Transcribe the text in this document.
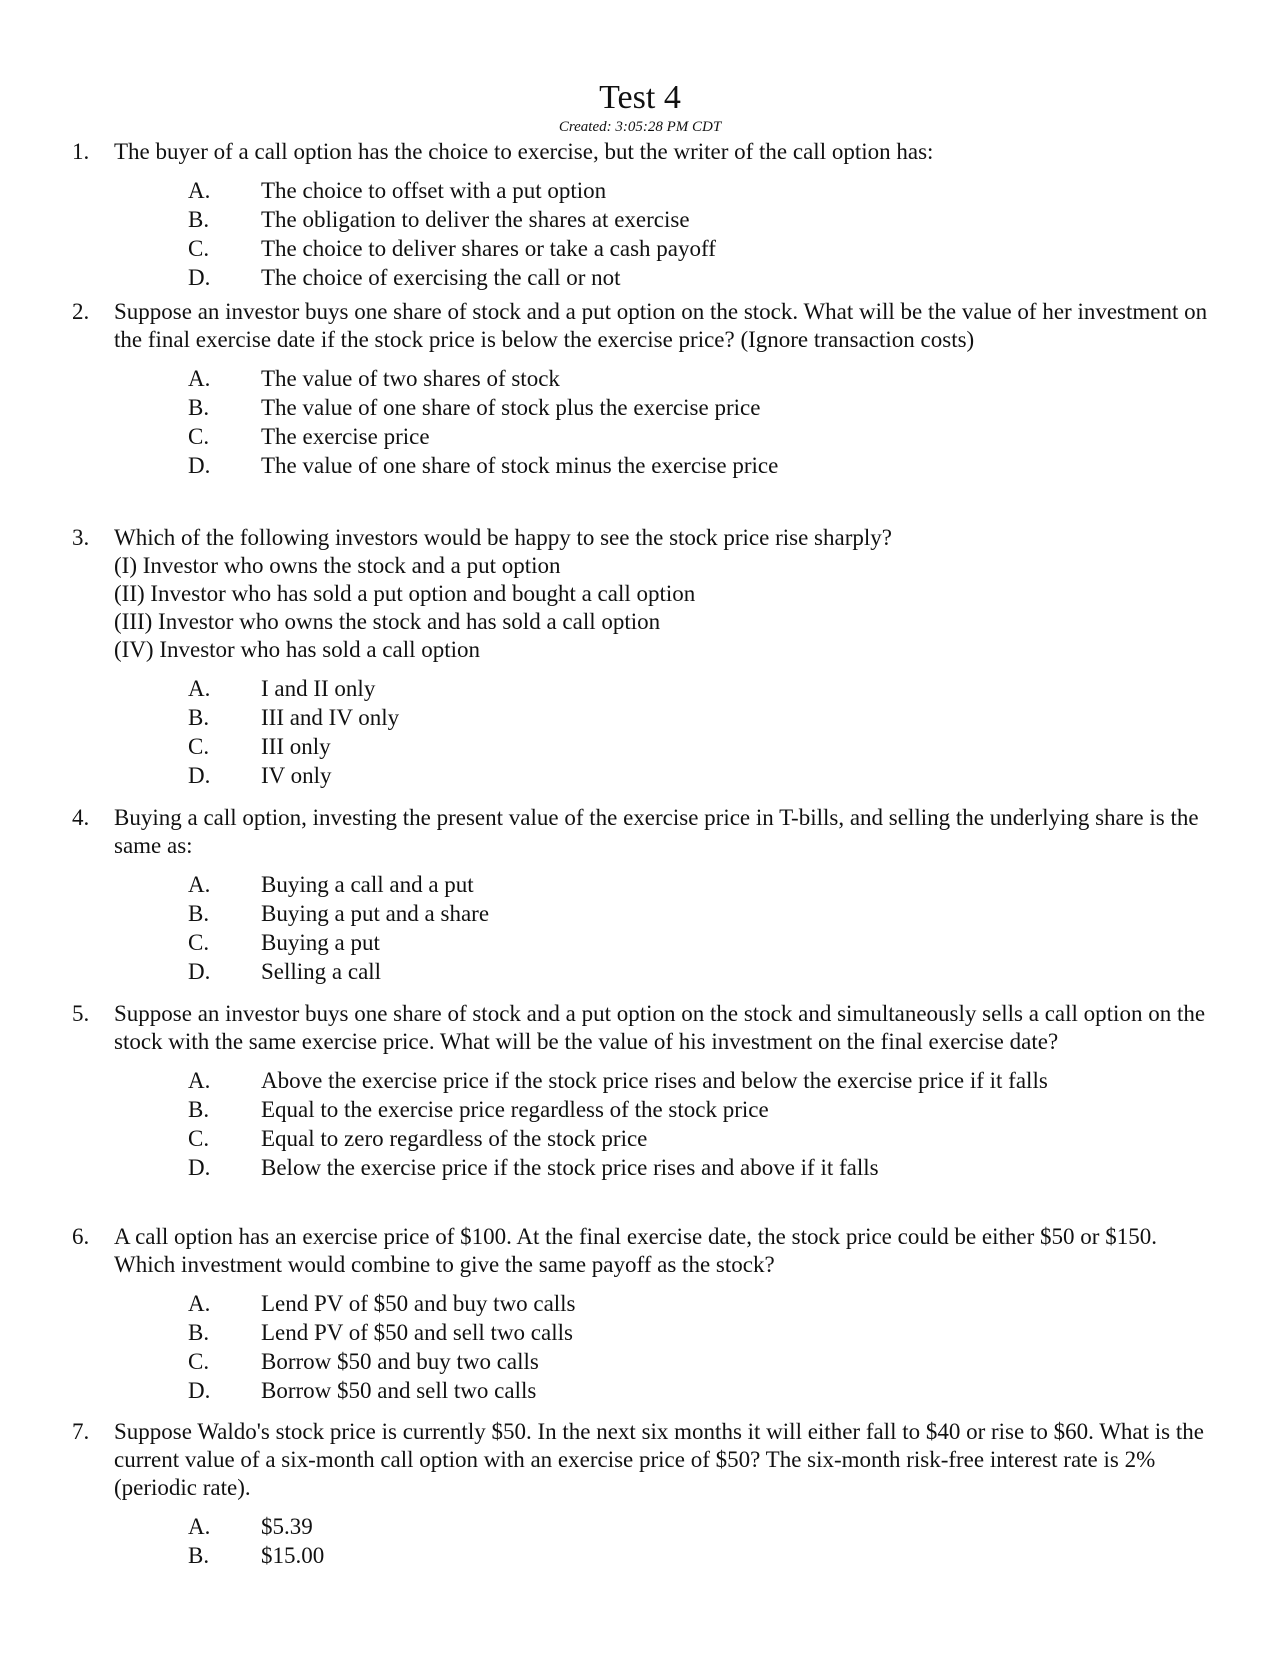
Test 4
Created: 3:05:28 PM CDT
1. The buyer of a call option has the choice to exercise, but the writer of the call option has:
A.	The choice to offset with a put option
B.	The obligation to deliver the shares at exercise
C.	The choice to deliver shares or take a cash payoff
D.	The choice of exercising the call or not
2. Suppose an investor buys one share of stock and a put option on the stock. What will be the value of her investment on the final exercise date if the stock price is below the exercise price? (Ignore transaction costs)
A.	The value of two shares of stock
B.	The value of one share of stock plus the exercise price
C.	The exercise price
D.	The value of one share of stock minus the exercise price
3. Which of the following investors would be happy to see the stock price rise sharply?
(I) Investor who owns the stock and a put option
(II) Investor who has sold a put option and bought a call option
(III) Investor who owns the stock and has sold a call option
(IV) Investor who has sold a call option
A.	I and II only
B.	III and IV only
C.	III only
D.	IV only
4. Buying a call option, investing the present value of the exercise price in T-bills, and selling the underlying share is the same as:
A.	Buying a call and a put
B.	Buying a put and a share
C.	Buying a put
D.	Selling a call
5. Suppose an investor buys one share of stock and a put option on the stock and simultaneously sells a call option on the stock with the same exercise price. What will be the value of his investment on the final exercise date?
A.	Above the exercise price if the stock price rises and below the exercise price if it falls
B.	Equal to the exercise price regardless of the stock price
C.	Equal to zero regardless of the stock price
D.	Below the exercise price if the stock price rises and above if it falls
6. A call option has an exercise price of $100. At the final exercise date, the stock price could be either $50 or $150. Which investment would combine to give the same payoff as the stock?
A.	Lend PV of $50 and buy two calls
B.	Lend PV of $50 and sell two calls
C.	Borrow $50 and buy two calls
D.	Borrow $50 and sell two calls
7. Suppose Waldo's stock price is currently $50. In the next six months it will either fall to $40 or rise to $60. What is the current value of a six-month call option with an exercise price of $50? The six-month risk-free interest rate is 2% (periodic rate).
A.	$5.39
B.	$15.00
